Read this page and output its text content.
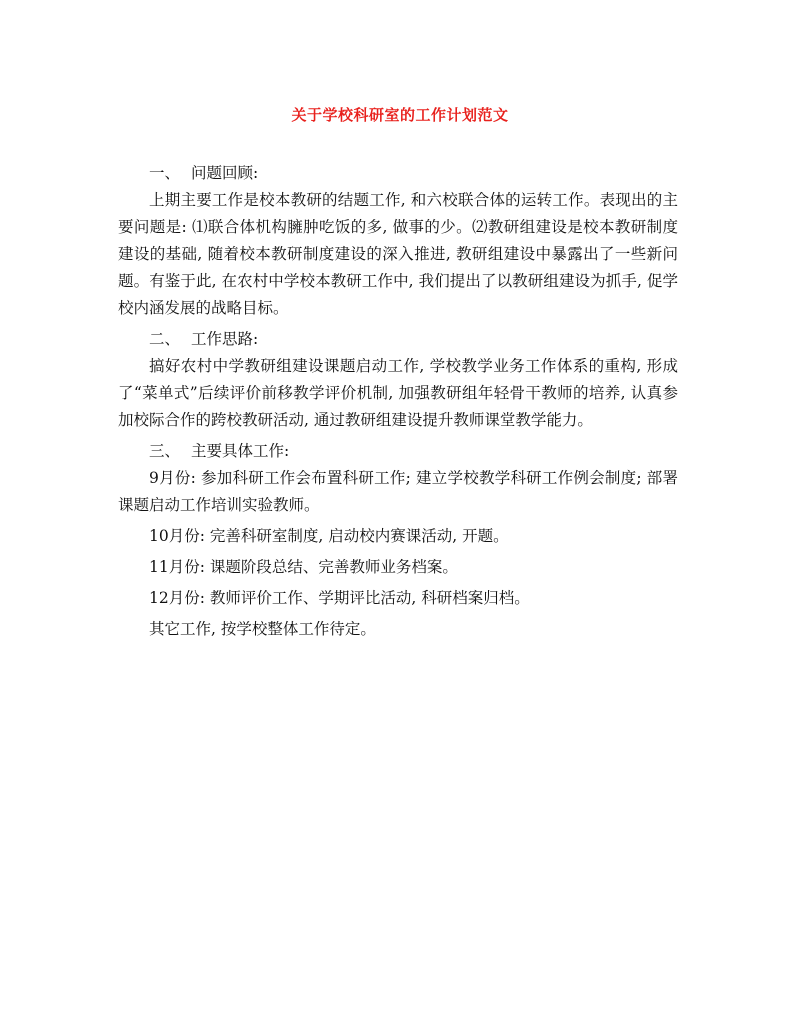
关于学校科研室的工作计划范文
一、 问题回顾:

上期主要工作是校本教研的结题工作, 和六校联合体的运转工作。表现出的主要问题是: ⑴联合体机构臃肿吃饭的多, 做事的少。⑵教研组建设是校本教研制度建设的基础, 随着校本教研制度建设的深入推进, 教研组建设中暴露出了一些新问题。有鉴于此, 在农村中学校本教研工作中, 我们提出了以教研组建设为抓手, 促学校内涵发展的战略目标。

二、 工作思路:

搞好农村中学教研组建设课题启动工作, 学校教学业务工作体系的重构, 形成了“菜单式”后续评价前移教学评价机制, 加强教研组年轻骨干教师的培养, 认真参加校际合作的跨校教研活动, 通过教研组建设提升教师课堂教学能力。

三、 主要具体工作:

9月份: 参加科研工作会布置科研工作; 建立学校教学科研工作例会制度; 部署课题启动工作培训实验教师。

10月份: 完善科研室制度, 启动校内赛课活动, 开题。

11月份: 课题阶段总结、完善教师业务档案。

12月份: 教师评价工作、学期评比活动, 科研档案归档。

其它工作, 按学校整体工作待定。
